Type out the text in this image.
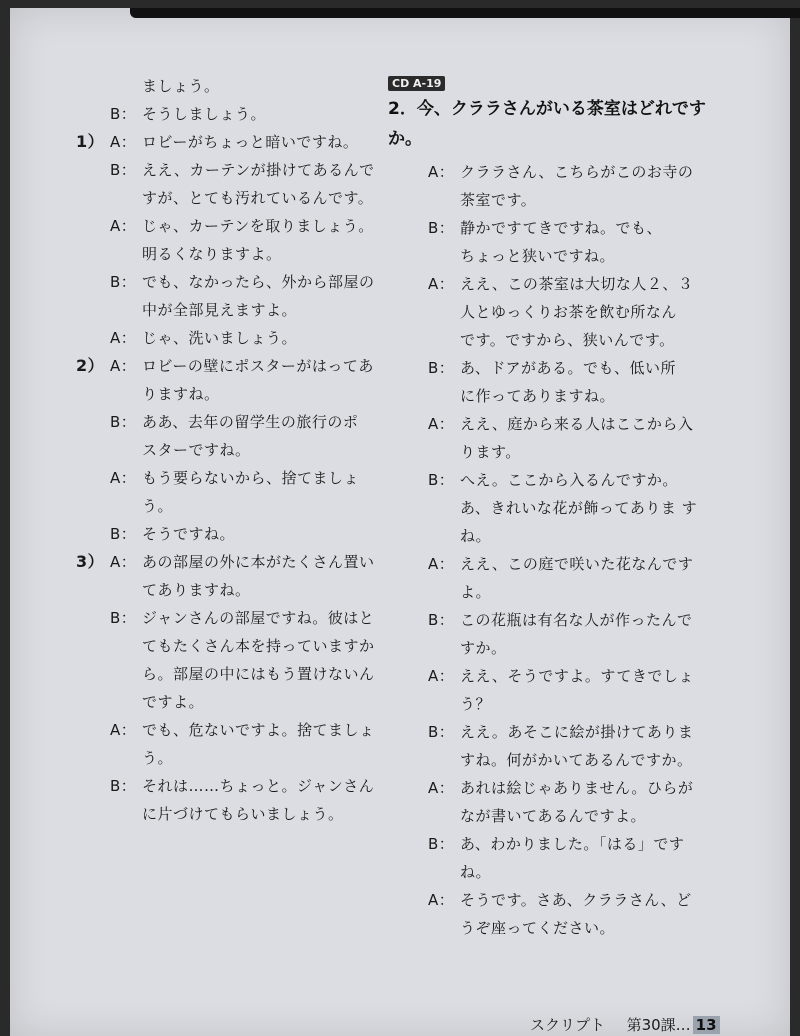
ましょう。
B： そうしましょう。
1） A： ロビーがちょっと暗いですね。
B： ええ、カーテンが掛けてあるんで
すが、とても汚れているんです。
A： じゃ、カーテンを取りましょう。
明るくなりますよ。
B： でも、なかったら、外から部屋の
中が全部見えますよ。
A： じゃ、洗いましょう。
2） A： ロビーの壁にポスターがはってあ
りますね。
B： ああ、去年の留学生の旅行のポ
スターですね。
A： もう要らないから、捨てましょ
う。
B： そうですね。
3） A： あの部屋の外に本がたくさん置い
てありますね。
B： ジャンさんの部屋ですね。彼はと
てもたくさん本を持っていますか
ら。部屋の中にはもう置けないん
ですよ。
A： でも、危ないですよ。捨てましょ
う。
B： それは……ちょっと。ジャンさん
に片づけてもらいましょう。
CD A-19
2．今、クララさんがいる茶室はどれです
か。
A： クララさん、こちらがこのお寺の
茶室です。
B： 静かですてきですね。でも、
ちょっと狭いですね。
A： ええ、この茶室は大切な人２、３
人とゆっくりお茶を飲む所なん
です。ですから、狭いんです。
B： あ、ドアがある。でも、低い所
に作ってありますね。
A： ええ、庭から来る人はここから入
ります。
B： へえ。ここから入るんですか。
あ、きれいな花が飾ってありま す
ね。
A： ええ、この庭で咲いた花なんです
よ。
B： この花瓶は有名な人が作ったんで
すか。
A： ええ、そうですよ。すてきでしょ
う？
B： ええ。あそこに絵が掛けてありま
すね。何がかいてあるんですか。
A： あれは絵じゃありません。ひらが
なが書いてあるんですよ。
B： あ、わかりました。「はる」です
ね。
A： そうです。さあ、クララさん、ど
うぞ座ってください。
スクリプト 第30課… 13
